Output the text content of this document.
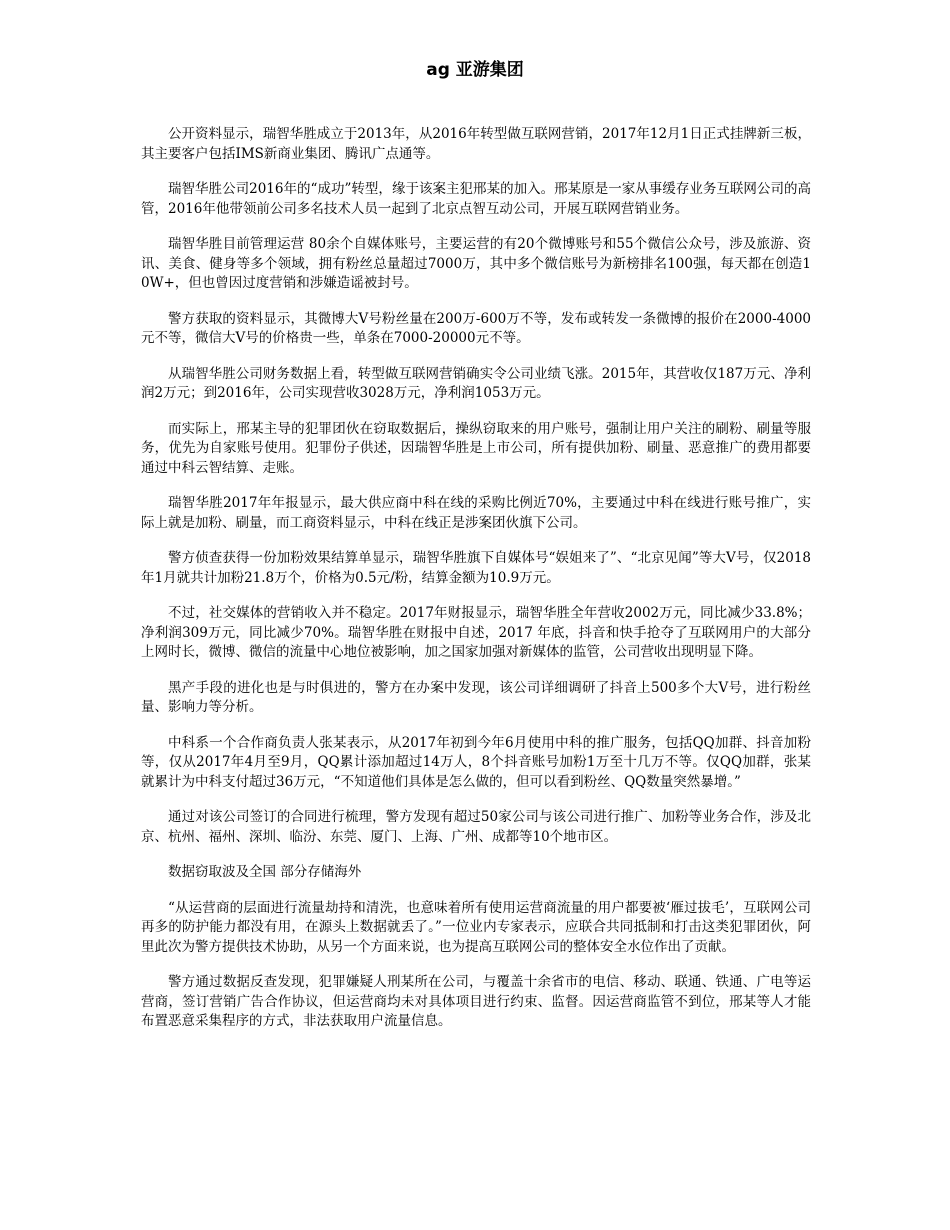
ag 亚游集团

公开资料显示，瑞智华胜成立于2013年，从2016年转型做互联网营销，2017年12月1日正式挂牌新三板，其主要客户包括IMS新商业集团、腾讯广点通等。

瑞智华胜公司2016年的“成功”转型，缘于该案主犯邢某的加入。邢某原是一家从事缓存业务互联网公司的高管，2016年他带领前公司多名技术人员一起到了北京点智互动公司，开展互联网营销业务。

瑞智华胜目前管理运营 80余个自媒体账号，主要运营的有20个微博账号和55个微信公众号，涉及旅游、资讯、美食、健身等多个领域，拥有粉丝总量超过7000万，其中多个微信账号为新榜排名100强，每天都在创造10W+，但也曾因过度营销和涉嫌造谣被封号。

警方获取的资料显示，其微博大V号粉丝量在200万-600万不等，发布或转发一条微博的报价在2000-4000元不等，微信大V号的价格贵一些，单条在7000-20000元不等。

从瑞智华胜公司财务数据上看，转型做互联网营销确实令公司业绩飞涨。2015年，其营收仅187万元、净利润2万元；到2016年，公司实现营收3028万元，净利润1053万元。

而实际上，邢某主导的犯罪团伙在窃取数据后，操纵窃取来的用户账号，强制让用户关注的刷粉、刷量等服务，优先为自家账号使用。犯罪份子供述，因瑞智华胜是上市公司，所有提供加粉、刷量、恶意推广的费用都要通过中科云智结算、走账。

瑞智华胜2017年年报显示，最大供应商中科在线的采购比例近70%，主要通过中科在线进行账号推广，实际上就是加粉、刷量，而工商资料显示，中科在线正是涉案团伙旗下公司。

警方侦查获得一份加粉效果结算单显示，瑞智华胜旗下自媒体号“娱姐来了”、“北京见闻”等大V号，仅2018年1月就共计加粉21.8万个，价格为0.5元/粉，结算金额为10.9万元。

不过，社交媒体的营销收入并不稳定。2017年财报显示，瑞智华胜全年营收2002万元，同比减少33.8%；净利润309万元，同比减少70%。瑞智华胜在财报中自述，2017 年底，抖音和快手抢夺了互联网用户的大部分上网时长，微博、微信的流量中心地位被影响，加之国家加强对新媒体的监管，公司营收出现明显下降。

黑产手段的进化也是与时俱进的，警方在办案中发现，该公司详细调研了抖音上500多个大V号，进行粉丝量、影响力等分析。

中科系一个合作商负责人张某表示，从2017年初到今年6月使用中科的推广服务，包括QQ加群、抖音加粉等，仅从2017年4月至9月，QQ累计添加超过14万人，8个抖音账号加粉1万至十几万不等。仅QQ加群，张某就累计为中科支付超过36万元，“不知道他们具体是怎么做的，但可以看到粉丝、QQ数量突然暴增。”

通过对该公司签订的合同进行梳理，警方发现有超过50家公司与该公司进行推广、加粉等业务合作，涉及北京、杭州、福州、深圳、临汾、东莞、厦门、上海、广州、成都等10个地市区。

数据窃取波及全国 部分存储海外

“从运营商的层面进行流量劫持和清洗，也意味着所有使用运营商流量的用户都要被‘雁过拔毛’，互联网公司再多的防护能力都没有用，在源头上数据就丢了。”一位业内专家表示，应联合共同抵制和打击这类犯罪团伙，阿里此次为警方提供技术协助，从另一个方面来说，也为提高互联网公司的整体安全水位作出了贡献。

警方通过数据反查发现，犯罪嫌疑人刑某所在公司，与覆盖十余省市的电信、移动、联通、铁通、广电等运营商，签订营销广告合作协议，但运营商均未对具体项目进行约束、监督。因运营商监管不到位，邢某等人才能布置恶意采集程序的方式，非法获取用户流量信息。
